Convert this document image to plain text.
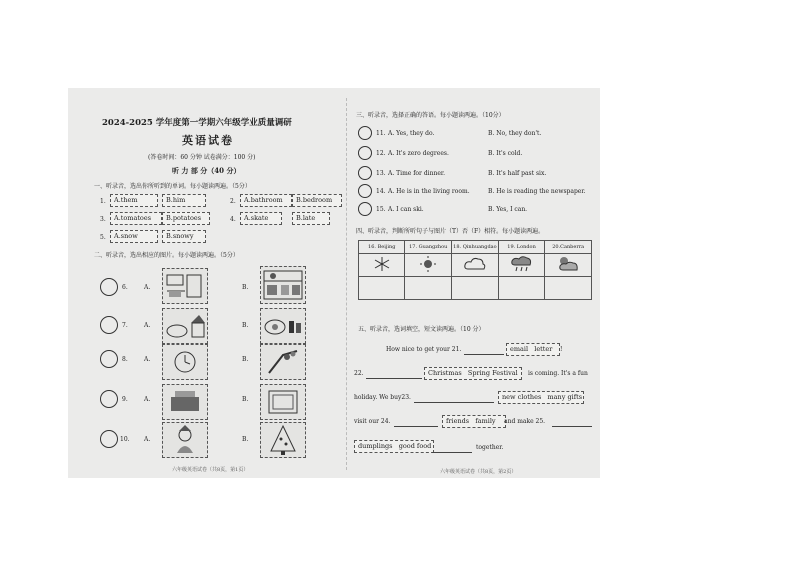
2024-2025 学年度第一学期六年级学业质量调研
英语试卷
(答卷时间：60 分钟 试卷满分：100 分)
听 力 部 分（40 分）
一、听录音，选出你所听到的单词。每小题读两遍。（5分）
1.	A.them	B.him	2.	A.bathroom	B.bedroom
3.	A.tomatoes	B.potatoes	4.	A.skate	B.late
5.	A.snow	B.snowy
二、听录音，选出相应的图片。每小题读两遍。（5分）
6.	A.	B.
7.	A.	B.
8.	A.	B.
9.	A.	B.
10. A.	B.
六年级英语试卷（共8页，第1页）
三、听录音，选择正确的答语。每小题读两遍。（10分）
11. A. Yes, they do.	B. No, they don't.
12. A. It's zero degrees.	B. It's cold.
13. A. Time for dinner.	B. It's half past six.
14. A. He is in the living room.	B. He is reading the newspaper.
15. A. I can ski.	B. Yes, I can.
四、听录音，判断所听句子与图片（T）否（F）相符。每小题读两遍。
16. Beijing	17. Guangzhou	18. Qinhuangdao	19. London	20.Canberra

五、听录音，选词填空，短文读两遍。（10 分）
How nice to get your 21.	email letter	!
22.	Christmas Spring Festival	is coming. It's a fun
holiday. We buy23.	new clothes many gifts
visit our 24.	friends family	and make 25.
dumplings good food	together.
六年级英语试卷（共8页，第2页）
